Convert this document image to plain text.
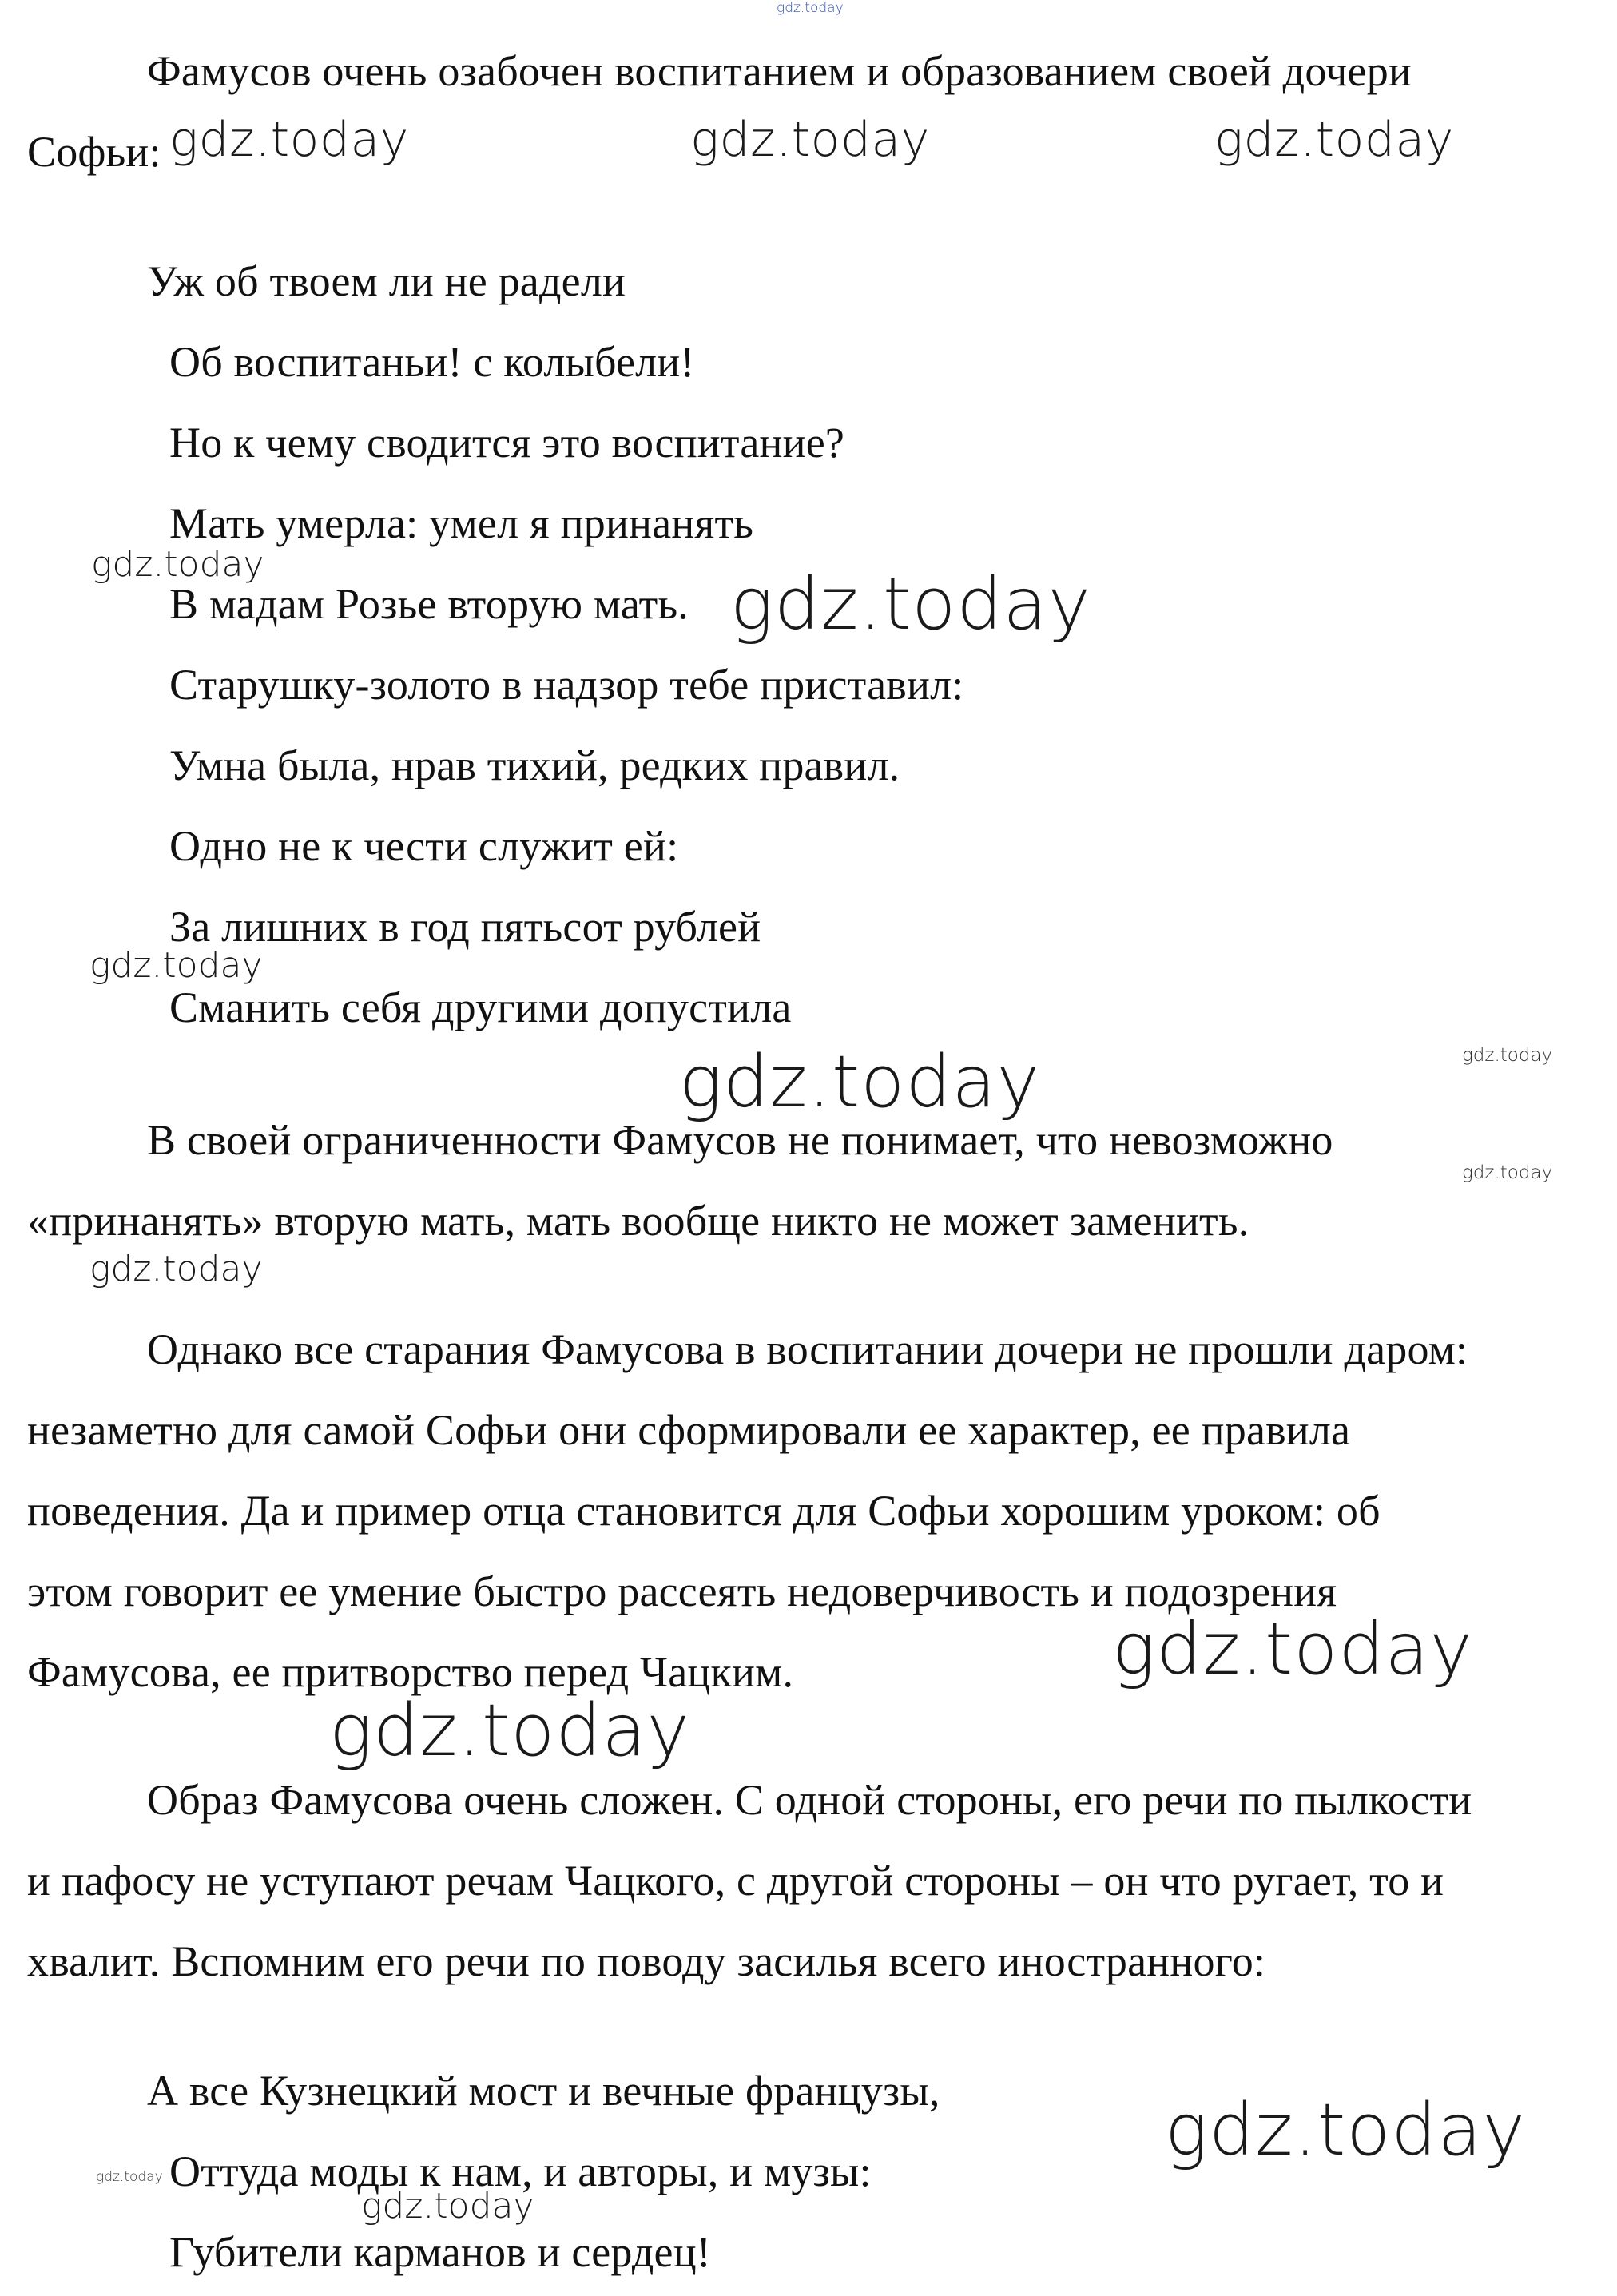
gdz.today
Фамусов очень озабочен воспитанием и образованием своей дочери
Софьи: gdz.today	gdz.today	gdz.today
Уж об твоем ли не радели
Об воспитаньи! с колыбели!
Но к чему сводится это воспитание?
Мать умерла: умел я принанять
gdz.today
В мадам Розье вторую мать. gdz.today
Старушку-золото в надзор тебе приставил:
Умна была, нрав тихий, редких правил.
Одно не к чести служит ей:
За лишних в год пятьсот рублей
gdz.today
Сманить себя другими допустила
gdz.today	gdz.today
В своей ограниченности Фамусов не понимает, что невозможно
gdz.today
«принанять» вторую мать, мать вообще никто не может заменить.
gdz.today
Однако все старания Фамусова в воспитании дочери не прошли даром:
незаметно для самой Софьи они сформировали ее характер, ее правила
поведения. Да и пример отца становится для Софьи хорошим уроком: об
этом говорит ее умение быстро рассеять недоверчивость и подозрения
Фамусова, ее притворство перед Чацким.	gdz.today
gdz.today
Образ Фамусова очень сложен. С одной стороны, его речи по пылкости
и пафосу не уступают речам Чацкого, с другой стороны – он что ругает, то и
хвалит. Вспомним его речи по поводу засилья всего иностранного:
А все Кузнецкий мост и вечные французы,	gdz.today
gdz.today Оттуда моды к нам, и авторы, и музы:
gdz.today
Губители карманов и сердец!
